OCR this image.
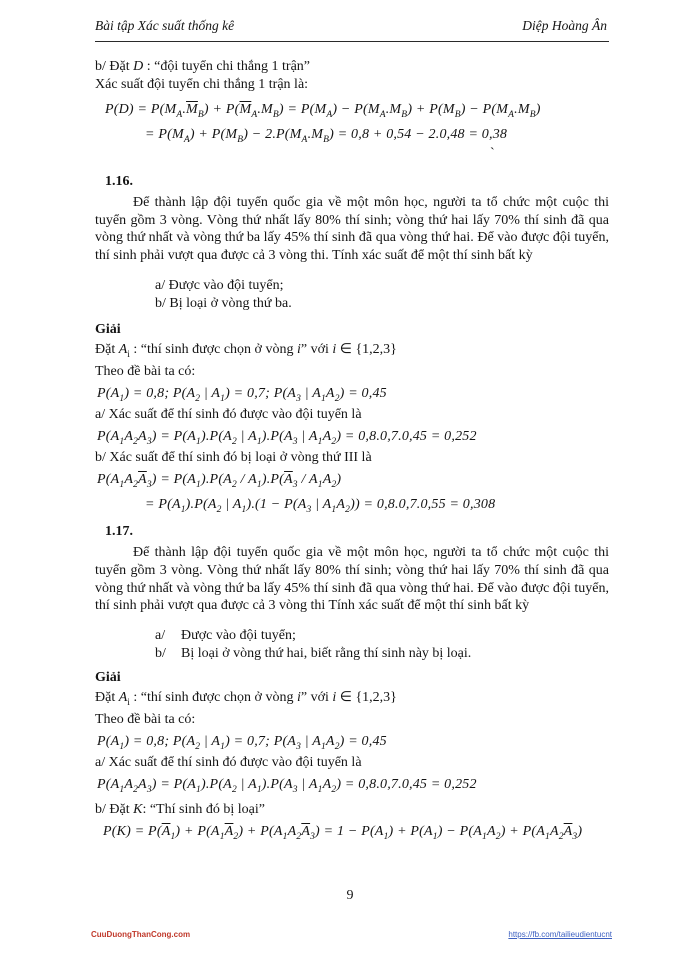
Bài tập Xác suất thống kê	Diệp Hoàng Ân
b/ Đặt D : “đội tuyển chi thắng 1 trận”
Xác suất đội tuyển chi thắng 1 trận là:
$P(D) = P(M_A.\overline{M}_B) + P(\overline{M}_A.M_B) = P(M_A) - P(M_A.M_B) + P(M_B) - P(M_A.M_B)$
= $P(M_A) + P(M_B) - 2.P(M_A.M_B) = 0,8 + 0,54 - 2.0,48 = 0,38$
`
1.16.

Để thành lập đội tuyển quốc gia về một môn học, người ta tổ chức một cuộc thi tuyển gồm 3 vòng. Vòng thứ nhất lấy 80% thí sinh; vòng thứ hai lấy 70% thí sinh đã qua vòng thứ nhất và vòng thứ ba lấy 45% thí sinh đã qua vòng thứ hai. Để vào được đội tuyển, thí sinh phải vượt qua được cả 3 vòng thi. Tính xác suất để một thí sinh bất kỳ

a/ Được vào đội tuyển;
b/ Bị loại ở vòng thứ ba.
Giải
Đặt $A_i$ : “thí sinh được chọn ở vòng i” với i ∈ {1,2,3}
Theo đề bài ta có:
$P(A_1) = 0,8$; $P(A_2$ | $A_1) = 0,7$; $P(A_3$ | $A_1A_2) = 0,45$
a/ Xác suất để thí sinh đó được vào đội tuyển là
$P(A_1A_2A_3) = P(A_1).P(A_2$ | $A_1).P(A_3$ | $A_1A_2) = 0,8.0,7.0,45 = 0,252$
b/ Xác suất để thí sinh đó bị loại ở vòng thứ III là
$P(A_1A_2\overline{A}_3) = P(A_1).P(A_2 / A_1).P(\overline{A}_3 / A_1A_2)$
= $P(A_1).P(A_2$ | $A_1).(1 - P(A_3$ | $A_1A_2)) = 0,8.0,7.0,55 = 0,308$
1.17.

Để thành lập đội tuyển quốc gia về một môn học, người ta tổ chức một cuộc thi tuyển gồm 3 vòng. Vòng thứ nhất lấy 80% thí sinh; vòng thứ hai lấy 70% thí sinh đã qua vòng thứ nhất và vòng thứ ba lấy 45% thí sinh đã qua vòng thứ hai. Để vào được đội tuyển, thí sinh phải vượt qua được cả 3 vòng thi Tính xác suất để một thí sinh bất kỳ

a/ Được vào đội tuyển;
b/ Bị loại ở vòng thứ hai, biết rằng thí sinh này bị loại.
Giải
Đặt $A_i$ : “thí sinh được chọn ở vòng i” với i ∈ {1,2,3}
Theo đề bài ta có:
$P(A_1) = 0,8$; $P(A_2$ | $A_1) = 0,7$; $P(A_3$ | $A_1A_2) = 0,45$
a/ Xác suất để thí sinh đó được vào đội tuyển là
$P(A_1A_2A_3) = P(A_1).P(A_2$ | $A_1).P(A_3$ | $A_1A_2) = 0,8.0,7.0,45 = 0,252$
b/ Đặt K: “Thí sinh đó bị loại”
$P(K) = P(\overline{A}_1) + P(A_1\overline{A}_2) + P(A_1A_2\overline{A}_3) = 1 - P(A_1) + P(A_1) - P(A_1A_2) + P(A_1A_2\overline{A}_3)$
9
CuuDuongThanCong.com	https://fb.com/tailieudientucnt
